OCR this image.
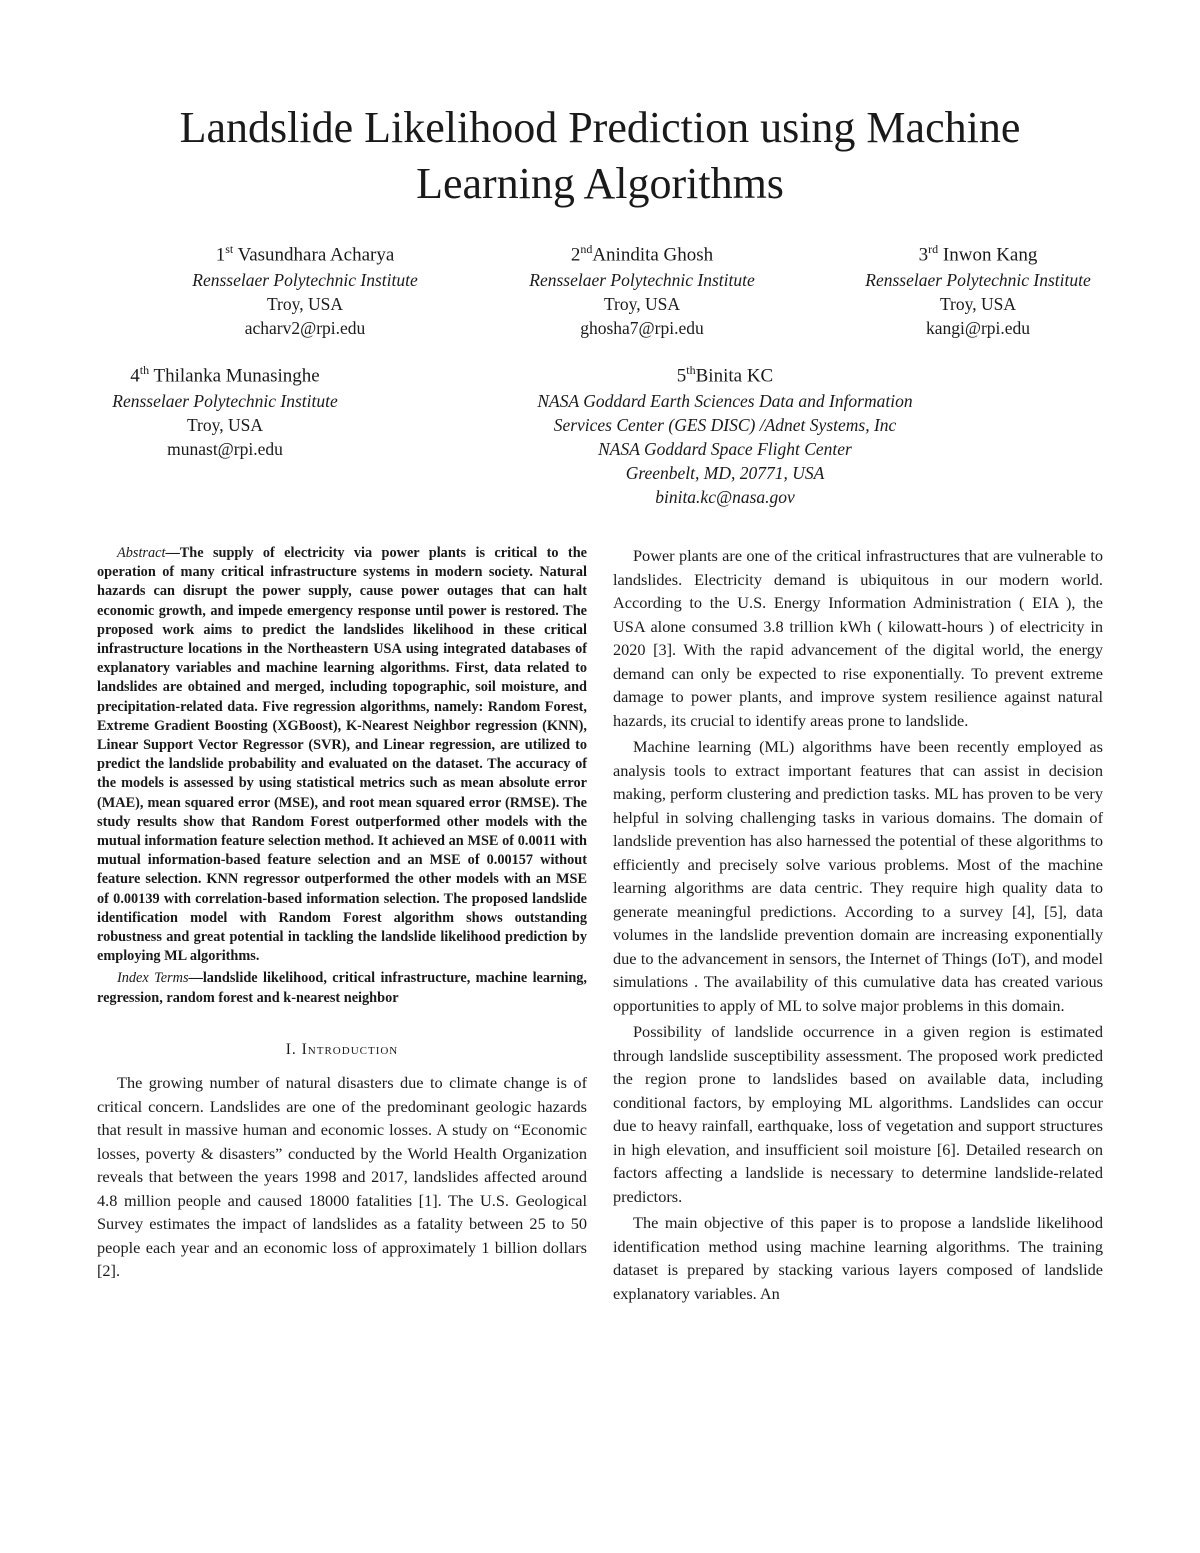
Landslide Likelihood Prediction using Machine
Learning Algorithms
1st Vasundhara Acharya
Rensselaer Polytechnic Institute
Troy, USA
acharv2@rpi.edu
2ndAnindita Ghosh
Rensselaer Polytechnic Institute
Troy, USA
ghosha7@rpi.edu
3rd Inwon Kang
Rensselaer Polytechnic Institute
Troy, USA
kangi@rpi.edu
4th Thilanka Munasinghe
Rensselaer Polytechnic Institute
Troy, USA
munast@rpi.edu
5thBinita KC
NASA Goddard Earth Sciences Data and Information
Services Center (GES DISC) /Adnet Systems, Inc
NASA Goddard Space Flight Center
Greenbelt, MD, 20771, USA
binita.kc@nasa.gov

Abstract—The supply of electricity via power plants is critical to the operation of many critical infrastructure systems in modern society. Natural hazards can disrupt the power supply, cause power outages that can halt economic growth, and impede emergency response until power is restored. The proposed work aims to predict the landslides likelihood in these critical infrastructure locations in the Northeastern USA using integrated databases of explanatory variables and machine learning algorithms. First, data related to landslides are obtained and merged, including topographic, soil moisture, and precipitation-related data. Five regression algorithms, namely: Random Forest, Extreme Gradient Boosting (XGBoost), K-Nearest Neighbor regression (KNN), Linear Support Vector Regressor (SVR), and Linear regression, are utilized to predict the landslide probability and evaluated on the dataset. The accuracy of the models is assessed by using statistical metrics such as mean absolute error (MAE), mean squared error (MSE), and root mean squared error (RMSE). The study results show that Random Forest outperformed other models with the mutual information feature selection method. It achieved an MSE of 0.0011 with mutual information-based feature selection and an MSE of 0.00157 without feature selection. KNN regressor outperformed the other models with an MSE of 0.00139 with correlation-based information selection. The proposed landslide identification model with Random Forest algorithm shows outstanding robustness and great potential in tackling the landslide likelihood prediction by employing ML algorithms.

Index Terms—landslide likelihood, critical infrastructure, machine learning, regression, random forest and k-nearest neighbor

I. Introduction

The growing number of natural disasters due to climate change is of critical concern. Landslides are one of the predominant geologic hazards that result in massive human and economic losses. A study on “Economic losses, poverty & disasters” conducted by the World Health Organization reveals that between the years 1998 and 2017, landslides affected around 4.8 million people and caused 18000 fatalities [1]. The U.S. Geological Survey estimates the impact of landslides as a fatality between 25 to 50 people each year and an economic loss of approximately 1 billion dollars [2].

Power plants are one of the critical infrastructures that are vulnerable to landslides. Electricity demand is ubiquitous in our modern world. According to the U.S. Energy Information Administration ( EIA ), the USA alone consumed 3.8 trillion kWh ( kilowatt-hours ) of electricity in 2020 [3]. With the rapid advancement of the digital world, the energy demand can only be expected to rise exponentially. To prevent extreme damage to power plants, and improve system resilience against natural hazards, its crucial to identify areas prone to landslide.

Machine learning (ML) algorithms have been recently employed as analysis tools to extract important features that can assist in decision making, perform clustering and prediction tasks. ML has proven to be very helpful in solving challenging tasks in various domains. The domain of landslide prevention has also harnessed the potential of these algorithms to efficiently and precisely solve various problems. Most of the machine learning algorithms are data centric. They require high quality data to generate meaningful predictions. According to a survey [4], [5], data volumes in the landslide prevention domain are increasing exponentially due to the advancement in sensors, the Internet of Things (IoT), and model simulations . The availability of this cumulative data has created various opportunities to apply of ML to solve major problems in this domain.

Possibility of landslide occurrence in a given region is estimated through landslide susceptibility assessment. The proposed work predicted the region prone to landslides based on available data, including conditional factors, by employing ML algorithms. Landslides can occur due to heavy rainfall, earthquake, loss of vegetation and support structures in high elevation, and insufficient soil moisture [6]. Detailed research on factors affecting a landslide is necessary to determine landslide-related predictors.

The main objective of this paper is to propose a landslide likelihood identification method using machine learning algorithms. The training dataset is prepared by stacking various layers composed of landslide explanatory variables. An
